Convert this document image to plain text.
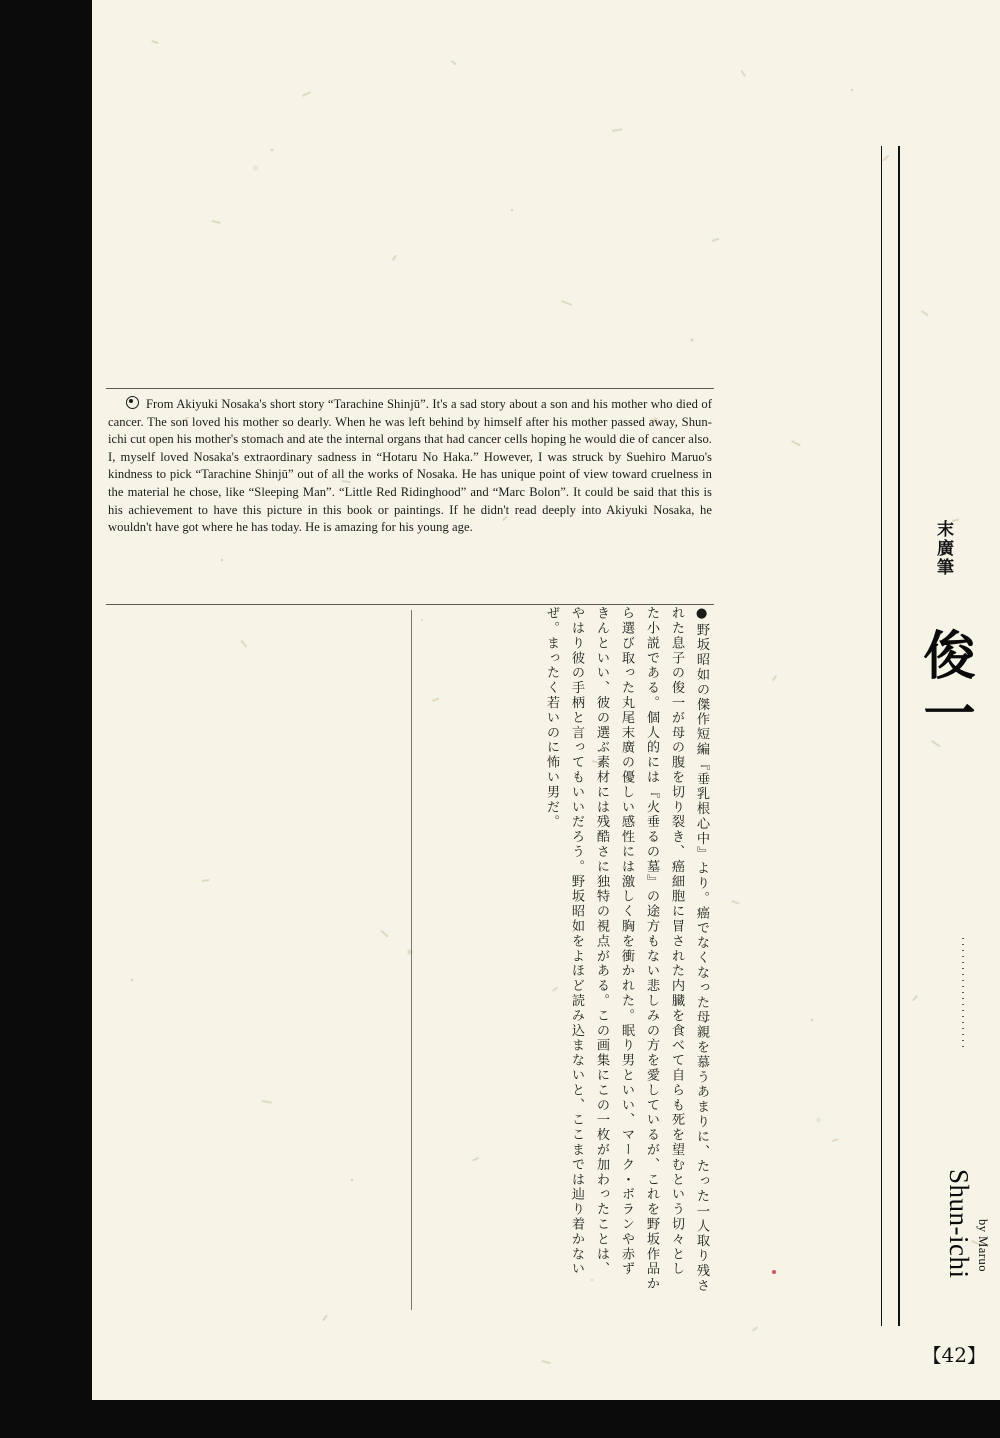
From Akiyuki Nosaka's short story “Tarachine Shinjū”. It's a sad story about a son and his mother who died of cancer. The son loved his mother so dearly. When he was left behind by himself after his mother passed away, Shun-ichi cut open his mother's stomach and ate the internal organs that had cancer cells hoping he would die of cancer also. I, myself loved Nosaka's extraordinary sadness in “Hotaru No Haka.” However, I was struck by Suehiro Maruo's kindness to pick “Tarachine Shinjū” out of all the works of Nosaka. He has unique point of view toward cruelness in the material he chose, like “Sleeping Man”. “Little Red Ridinghood” and “Marc Bolon”. It could be said that this is his achievement to have this picture in this book or paintings. If he didn't read deeply into Akiyuki Nosaka, he wouldn't have got where he has today. He is amazing for his young age.

●野坂昭如の傑作短編『垂乳根心中』より。癌でなくなった母親を慕うあまりに、たった一人取り残さ
れた息子の俊一が母の腹を切り裂き、癌細胞に冒された内臓を食べて自らも死を望むという切々とし
た小説である。個人的には『火垂るの墓』の途方もない悲しみの方を愛しているが、これを野坂作品か
ら選び取った丸尾末廣の優しい感性には激しく胸を衝かれた。眠り男といい、マーク・ボランや赤ず
きんといい、彼の選ぶ素材には残酷さに独特の視点がある。この画集にこの一枚が加わったことは、
やはり彼の手柄と言ってもいいだろう。野坂昭如をよほど読み込まないと、ここまでは辿り着かない
ぜ。まったく若いのに怖い男だ。
末廣筆
俊一
Shun-ichi by Maruo
【42】
